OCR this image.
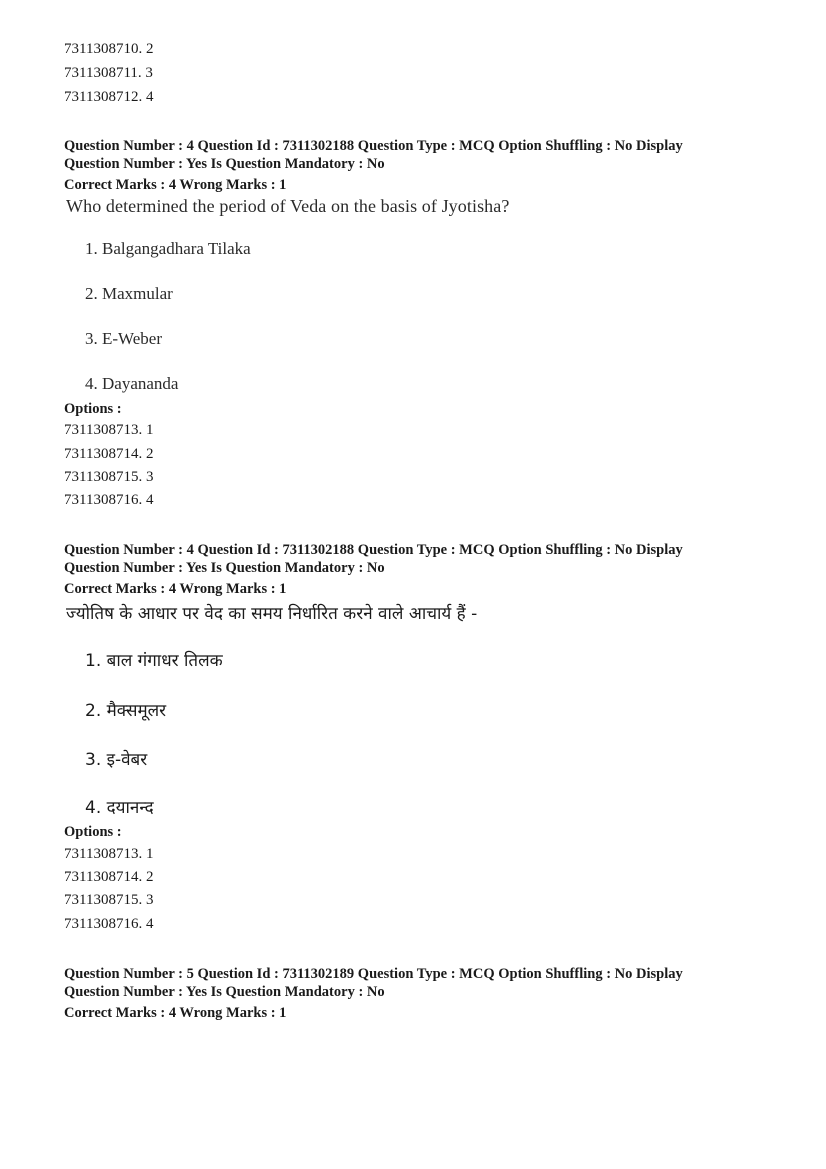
7311308710. 2
7311308711. 3
7311308712. 4
Question Number : 4 Question Id : 7311302188 Question Type : MCQ Option Shuffling : No Display
Question Number : Yes Is Question Mandatory : No
Correct Marks : 4 Wrong Marks : 1
Who determined the period of Veda on the basis of Jyotisha?
1. Balgangadhara Tilaka
2. Maxmular
3. E-Weber
4. Dayananda
Options :
7311308713. 1
7311308714. 2
7311308715. 3
7311308716. 4
Question Number : 4 Question Id : 7311302188 Question Type : MCQ Option Shuffling : No Display
Question Number : Yes Is Question Mandatory : No
Correct Marks : 4 Wrong Marks : 1
ज्योतिष के आधार पर वेद का समय निर्धारित करने वाले आचार्य हैं -
1. बाल गंगाधर तिलक
2. मैक्समूलर
3. इ-वेबर
4. दयानन्द
Options :
7311308713. 1
7311308714. 2
7311308715. 3
7311308716. 4
Question Number : 5 Question Id : 7311302189 Question Type : MCQ Option Shuffling : No Display
Question Number : Yes Is Question Mandatory : No
Correct Marks : 4 Wrong Marks : 1
